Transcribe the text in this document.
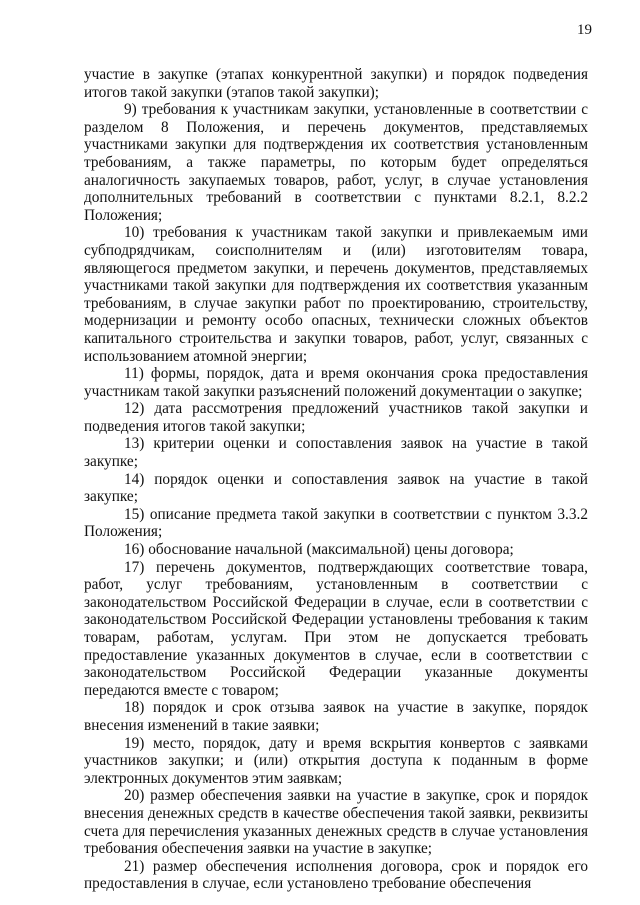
19

участие в закупке (этапах конкурентной закупки) и порядок подведения итогов такой закупки (этапов такой закупки);

9) требования к участникам закупки, установленные в соответствии с разделом 8 Положения, и перечень документов, представляемых участниками закупки для подтверждения их соответствия установленным требованиям, а также параметры, по которым будет определяться аналогичность закупаемых товаров, работ, услуг, в случае установления дополнительных требований в соответствии с пунктами 8.2.1, 8.2.2 Положения;

10) требования к участникам такой закупки и привлекаемым ими субподрядчикам, соисполнителям и (или) изготовителям товара, являющегося предметом закупки, и перечень документов, представляемых участниками такой закупки для подтверждения их соответствия указанным требованиям, в случае закупки работ по проектированию, строительству, модернизации и ремонту особо опасных, технически сложных объектов капитального строительства и закупки товаров, работ, услуг, связанных с использованием атомной энергии;

11) формы, порядок, дата и время окончания срока предоставления участникам такой закупки разъяснений положений документации о закупке;

12) дата рассмотрения предложений участников такой закупки и подведения итогов такой закупки;

13) критерии оценки и сопоставления заявок на участие в такой закупке;

14) порядок оценки и сопоставления заявок на участие в такой закупке;

15) описание предмета такой закупки в соответствии с пунктом 3.3.2 Положения;

16) обоснование начальной (максимальной) цены договора;

17) перечень документов, подтверждающих соответствие товара, работ, услуг требованиям, установленным в соответствии с законодательством Российской Федерации в случае, если в соответствии с законодательством Российской Федерации установлены требования к таким товарам, работам, услугам. При этом не допускается требовать предоставление указанных документов в случае, если в соответствии с законодательством Российской Федерации указанные документы передаются вместе с товаром;

18) порядок и срок отзыва заявок на участие в закупке, порядок внесения изменений в такие заявки;

19) место, порядок, дату и время вскрытия конвертов с заявками участников закупки; и (или) открытия доступа к поданным в форме электронных документов этим заявкам;

20) размер обеспечения заявки на участие в закупке, срок и порядок внесения денежных средств в качестве обеспечения такой заявки, реквизиты счета для перечисления указанных денежных средств в случае установления требования обеспечения заявки на участие в закупке;

21) размер обеспечения исполнения договора, срок и порядок его предоставления в случае, если установлено требование обеспечения
